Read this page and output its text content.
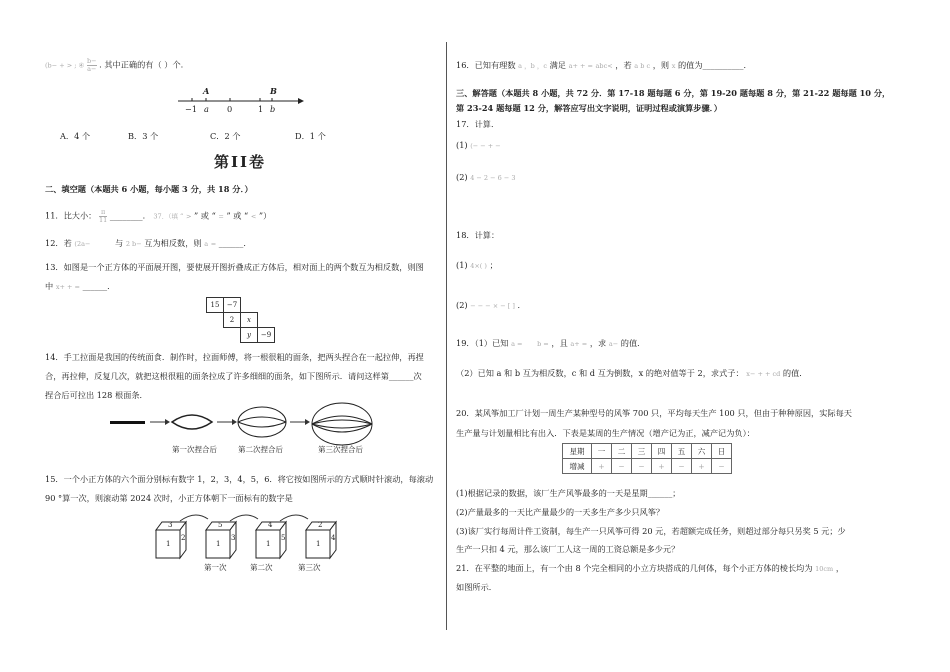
(b− + > ; ④ $\frac{b-}{a-}$ . 其中正确的有（ ）个.
A	B
−1 a 0	1 b
A．4 个	B．3 个	C．2 个	D．1 个
第II卷
二、填空题（本题共 6 小题，每小题 3 分，共 18 分．）
11．比大小： $\frac{\pi}{11}$ ________． 37．（填 “ > ” 或 “ = ” 或 “ < ”）
12．若 (2a−	与 2 b− 互为相反数，则 a = ______．
13．如图是一个正方体的平面展开图，要使展开图折叠成正方体后，相对面上的两个数互为相反数，则图
中 x+ + = ______．
15	−7
2	x
y	−9
14．手工拉面是我国的传统面食．制作时，拉面师傅，将一根很粗的面条，把两头捏合在一起拉伸，再捏
合，再拉伸，反复几次，就把这根很粗的面条拉成了许多细细的面条，如下图所示．请问这样第______次
捏合后可拉出 128 根面条．
第一次捏合后	第二次捏合后	第三次捏合后
15．一个小正方体的六个面分别标有数字 1，2，3，4，5，6．将它按如图所示的方式顺时针滚动，每滚动
90 °算一次，则滚动第 2024 次时，小正方体朝下一面标有的数字是
3
1
2
5
1
3
4
1
5
2
1
4
第一次	第二次	第三次
16．已知有理数 a ，b ，c 满足 a+ + = abc< ，若 a b c ，则 x 的值为__________．
三、解答题（本题共 8 小题，共 72 分．第 17-18 题每题 6 分，第 19-20 题每题 8 分，第 21-22 题每题 10 分，
第 23-24 题每题 12 分，解答应写出文字说明，证明过程或演算步骤．）
17．计算．
(1) (− − + −
(2) 4 − 2 − 6 − 3
18．计算：
(1) 4×( ) ；
(2) − − − × − [ ] ．
19．（1）已知 a = b = ，且 a+ = ，求 a− 的值．
（2）已知 a 和 b 互为相反数，c 和 d 互为倒数，x 的绝对值等于 2，求式子： x− + + cd 的值．
20．某风筝加工厂计划一周生产某种型号的风筝 700 只，平均每天生产 100 只，但由于种种原因，实际每天
生产量与计划量相比有出入．下表是某周的生产情况（增产记为正，减产记为负）：
星期	一	二	三	四	五	六	日
增减	+	−	−	+	−	+	−
(1)根据记录的数据，该厂生产风筝最多的一天是星期______；
(2)产量最多的一天比产量最少的一天多生产多少只风筝？
(3)该厂实行每周计件工资制，每生产一只风筝可得 20 元，若超额完成任务，则超过部分每只另奖 5 元；少
生产一只扣 4 元，那么该厂工人这一周的工资总额是多少元？
21．在平整的地面上，有一个由 8 个完全相同的小立方块搭成的几何体，每个小正方体的棱长均为 10cm ，
如图所示．
